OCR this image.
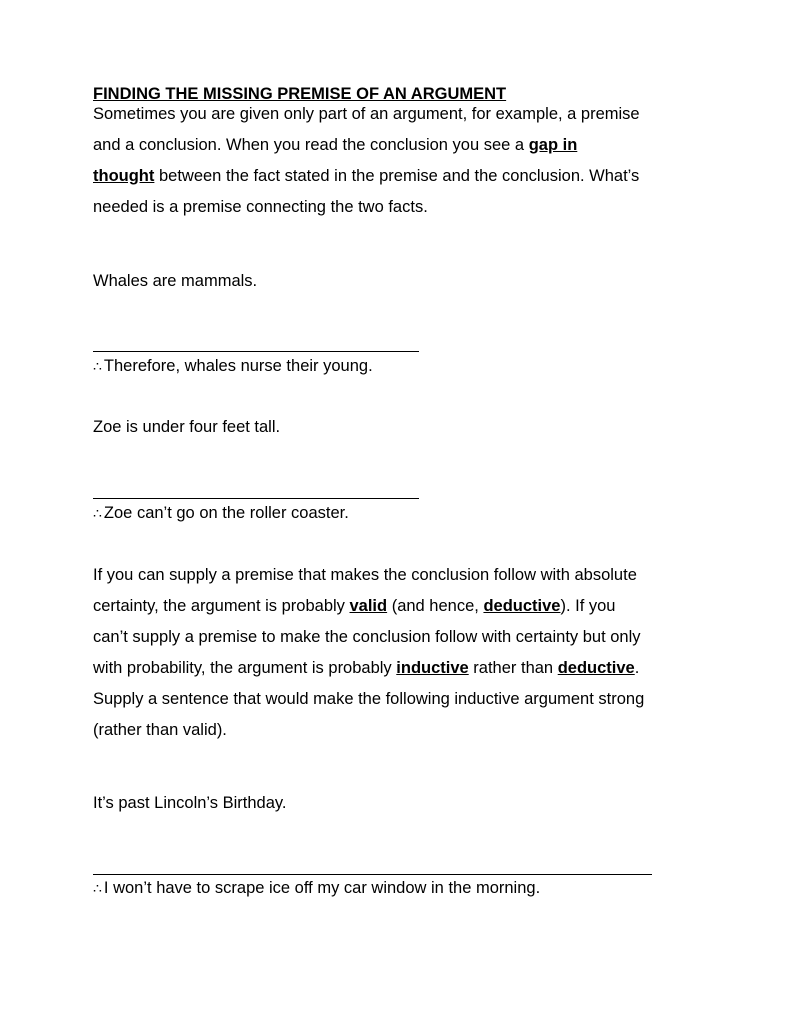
FINDING THE MISSING PREMISE OF AN ARGUMENT
Sometimes you are given only part of an argument, for example, a premise
and a conclusion. When you read the conclusion you see a gap in
thought between the fact stated in the premise and the conclusion. What’s
needed is a premise connecting the two facts.
Whales are mammals.
∴ Therefore, whales nurse their young.
Zoe is under four feet tall.
∴ Zoe can’t go on the roller coaster.
If you can supply a premise that makes the conclusion follow with absolute
certainty, the argument is probably valid (and hence, deductive). If you
can’t supply a premise to make the conclusion follow with certainty but only
with probability, the argument is probably inductive rather than deductive.
Supply a sentence that would make the following inductive argument strong
(rather than valid).
It’s past Lincoln’s Birthday.
∴ I won’t have to scrape ice off my car window in the morning.
